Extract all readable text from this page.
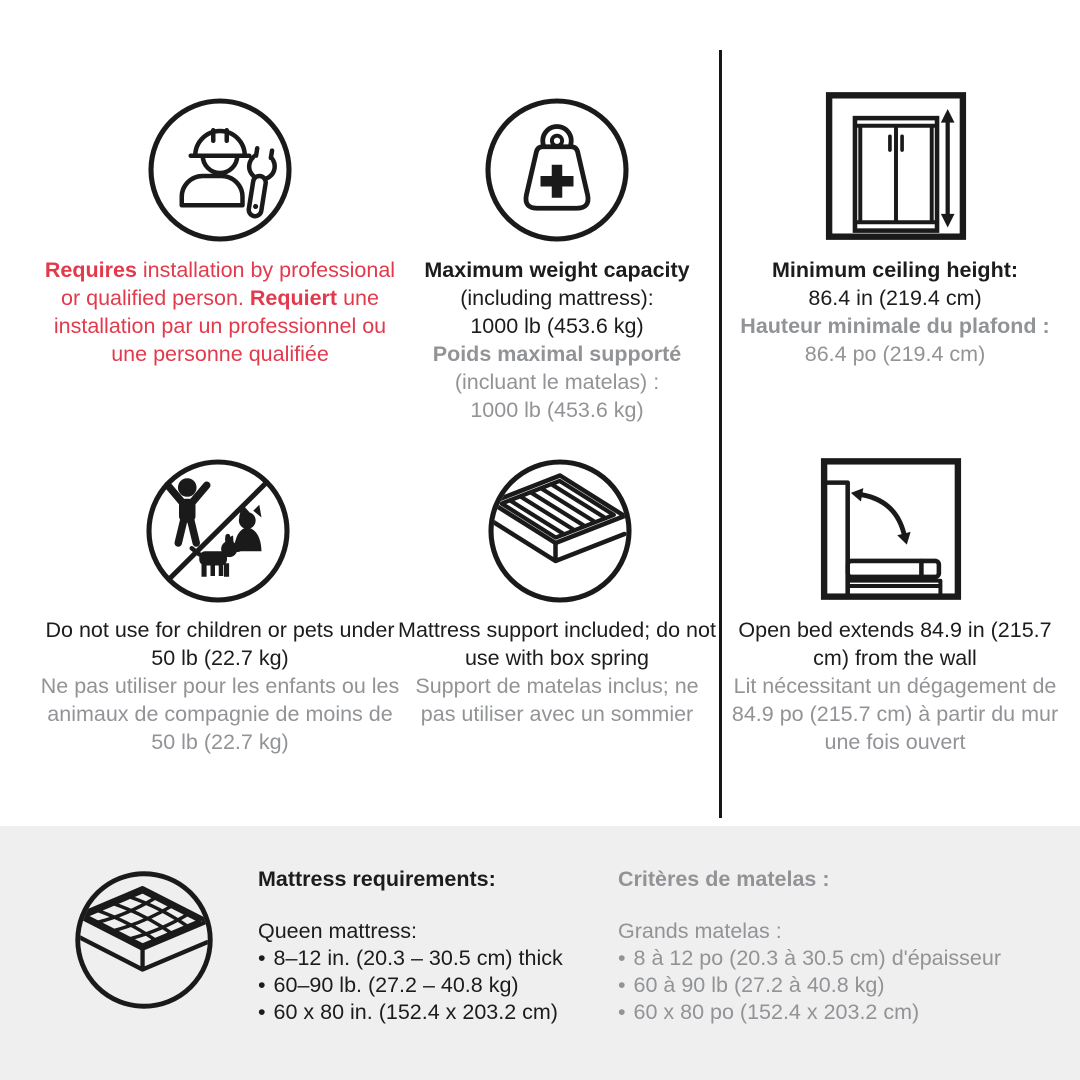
Requires installation by professional or qualified person. Requiert une installation par un professionnel ou une personne qualifiée

Maximum weight capacity

(including mattress):

1000 lb (453.6 kg)

Poids maximal supporté

(incluant le matelas) :

1000 lb (453.6 kg)

Minimum ceiling height:

86.4 in (219.4 cm)

Hauteur minimale du plafond :

86.4 po (219.4 cm)

Do not use for children or pets under 50 lb (22.7 kg)

Ne pas utiliser pour les enfants ou les animaux de compagnie de moins de 50 lb (22.7 kg)

Mattress support included; do not use with box spring

Support de matelas inclus; ne pas utiliser avec un sommier

Open bed extends 84.9 in (215.7 cm) from the wall

Lit nécessitant un dégagement de 84.9 po (215.7 cm) à partir du mur une fois ouvert

Mattress requirements:

Queen mattress:

• 8–12 in. (20.3 – 30.5 cm) thick

• 60–90 lb. (27.2 – 40.8 kg)

• 60 x 80 in. (152.4 x 203.2 cm)

Critères de matelas :

Grands matelas :

• 8 à 12 po (20.3 à 30.5 cm) d'épaisseur

• 60 à 90 lb (27.2 à 40.8 kg)

• 60 x 80 po (152.4 x 203.2 cm)
